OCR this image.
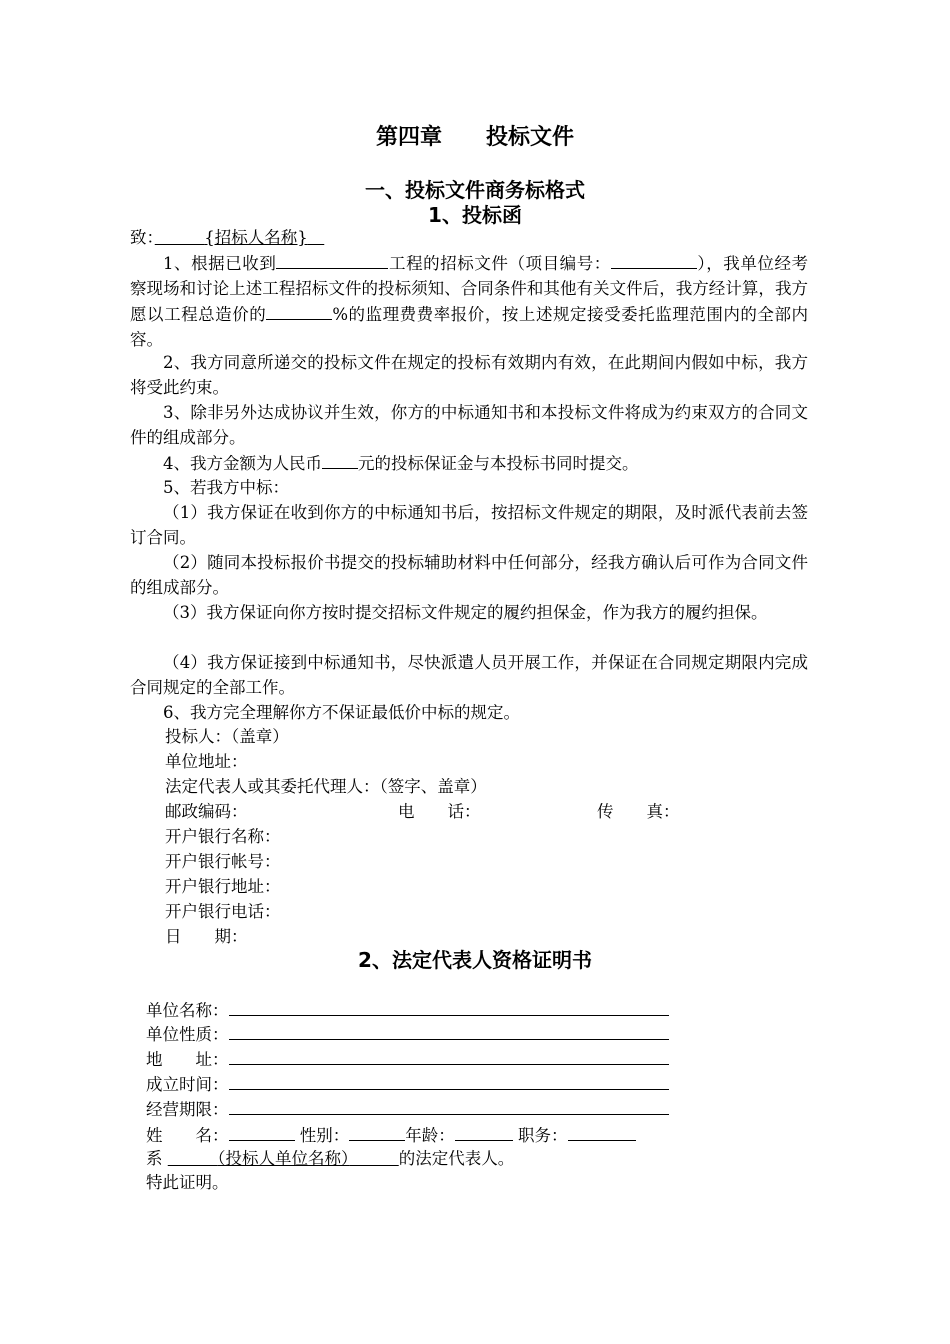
第四章　　投标文件
一、投标文件商务标格式
1、投标函
致：　　　	{招标人名称}　
1、根据已收到	工程的招标文件（项目编号：	），我单位经考察现场和讨论上述工程招标文件的投标须知、合同条件和其他有关文件后，我方经计算，我方愿以工程总造价的	%的监理费费率报价，按上述规定接受委托监理范围内的全部内容。
2、我方同意所递交的投标文件在规定的投标有效期内有效，在此期间内假如中标，我方将受此约束。
3、除非另外达成协议并生效，你方的中标通知书和本投标文件将成为约束双方的合同文件的组成部分。
4、我方金额为人民币 元的投标保证金与本投标书同时提交。
5、若我方中标：
（1）我方保证在收到你方的中标通知书后，按招标文件规定的期限，及时派代表前去签订合同。
（2）随同本投标报价书提交的投标辅助材料中任何部分，经我方确认后可作为合同文件的组成部分。
（3）我方保证向你方按时提交招标文件规定的履约担保金，作为我方的履约担保。
（4）我方保证接到中标通知书，尽快派遣人员开展工作，并保证在合同规定期限内完成合同规定的全部工作。
6、我方完全理解你方不保证最低价中标的规定。
投标人：（盖章）
单位地址：
法定代表人或其委托代理人：（签字、盖章）
邮政编码：	电　　话：	传　　真：
开户银行名称：
开户银行帐号：
开户银行地址：
开户银行电话：
日　　期：
2、法定代表人资格证明书
单位名称：
单位性质：
地　　址：
成立时间：
经营期限：
姓　　名：	性别：	年龄：	职务：
系 　　　	（投标人单位名称）　　　	的法定代表人。
特此证明。
